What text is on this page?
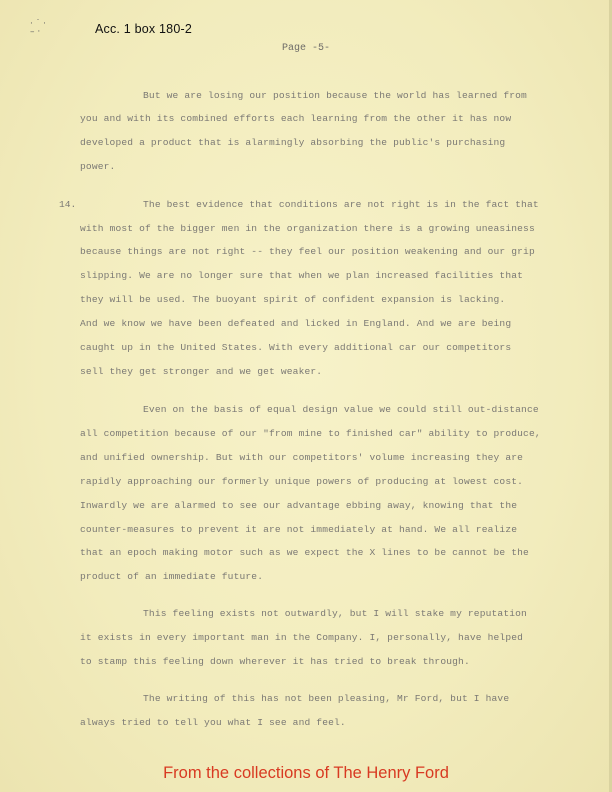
· ˙ ·
– ·	Acc. 1 box 180-2
Page -5-
14.
But we are losing our position because the world has learned from
you and with its combined efforts each learning from the other it has now
developed a product that is alarmingly absorbing the public's purchasing
power.
The best evidence that conditions are not right is in the fact that
with most of the bigger men in the organization there is a growing uneasiness
because things are not right -- they feel our position weakening and our grip
slipping. We are no longer sure that when we plan increased facilities that
they will be used. The buoyant spirit of confident expansion is lacking.
And we know we have been defeated and licked in England. And we are being
caught up in the United States. With every additional car our competitors
sell they get stronger and we get weaker.
Even on the basis of equal design value we could still out-distance
all competition because of our "from mine to finished car" ability to produce,
and unified ownership. But with our competitors' volume increasing they are
rapidly approaching our formerly unique powers of producing at lowest cost.
Inwardly we are alarmed to see our advantage ebbing away, knowing that the
counter-measures to prevent it are not immediately at hand. We all realize
that an epoch making motor such as we expect the X lines to be cannot be the
product of an immediate future.
This feeling exists not outwardly, but I will stake my reputation
it exists in every important man in the Company. I, personally, have helped
to stamp this feeling down wherever it has tried to break through.
The writing of this has not been pleasing, Mr Ford, but I have
always tried to tell you what I see and feel.
From the collections of The Henry Ford
